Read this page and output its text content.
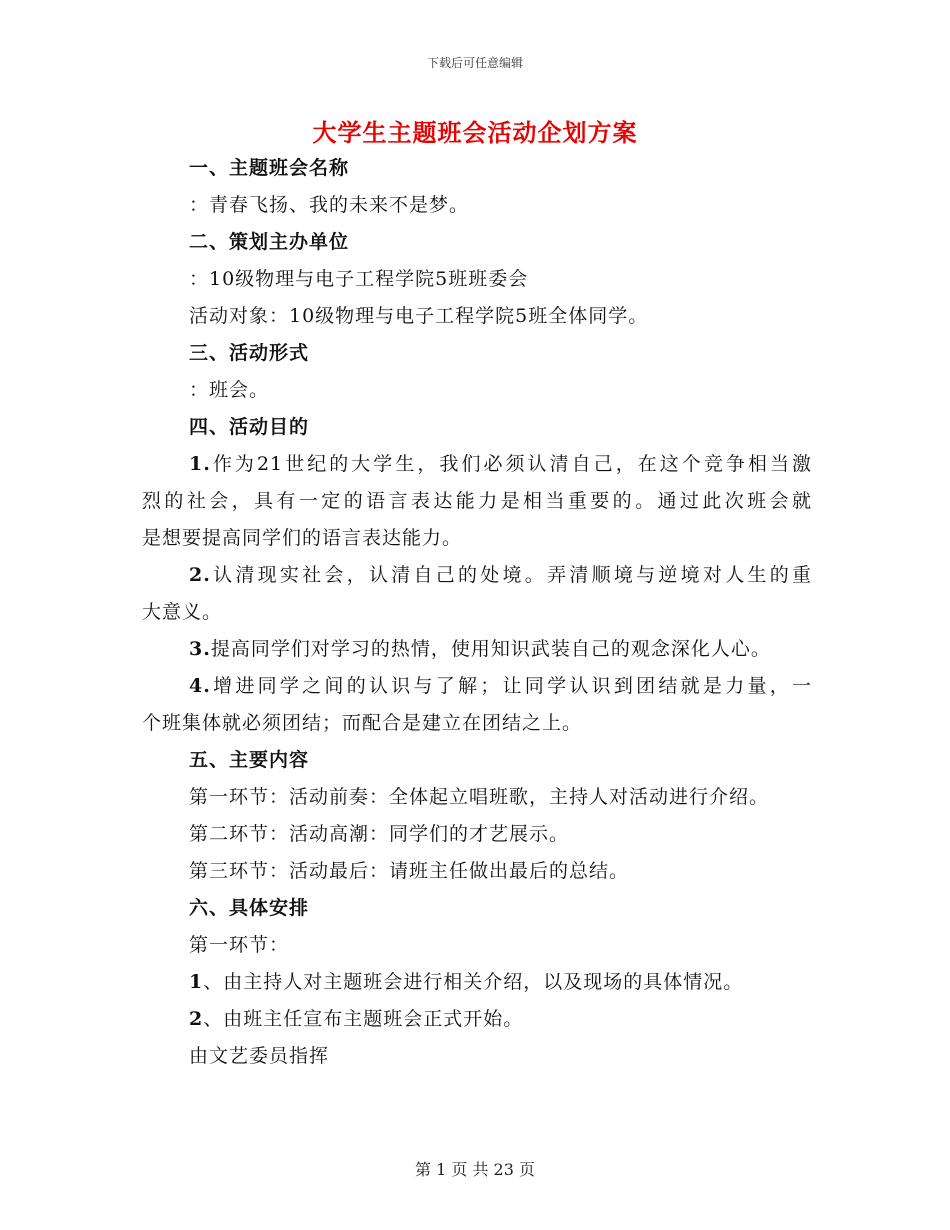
下载后可任意编辑
大学生主题班会活动企划方案
一、主题班会名称
：青春飞扬、我的未来不是梦。
二、策划主办单位
：10级物理与电子工程学院5班班委会
活动对象：10级物理与电子工程学院5班全体同学。
三、活动形式
：班会。
四、活动目的
1.作为21世纪的大学生，我们必须认清自己，在这个竞争相当激
烈的社会，具有一定的语言表达能力是相当重要的。通过此次班会就
是想要提高同学们的语言表达能力。
2.认清现实社会，认清自己的处境。弄清顺境与逆境对人生的重
大意义。
3.提高同学们对学习的热情，使用知识武装自己的观念深化人心。
4.增进同学之间的认识与了解；让同学认识到团结就是力量，一
个班集体就必须团结；而配合是建立在团结之上。
五、主要内容
第一环节：活动前奏：全体起立唱班歌，主持人对活动进行介绍。
第二环节：活动高潮：同学们的才艺展示。
第三环节：活动最后：请班主任做出最后的总结。
六、具体安排
第一环节：
1、由主持人对主题班会进行相关介绍，以及现场的具体情况。
2、由班主任宣布主题班会正式开始。
由文艺委员指挥
第 1 页 共 23 页
